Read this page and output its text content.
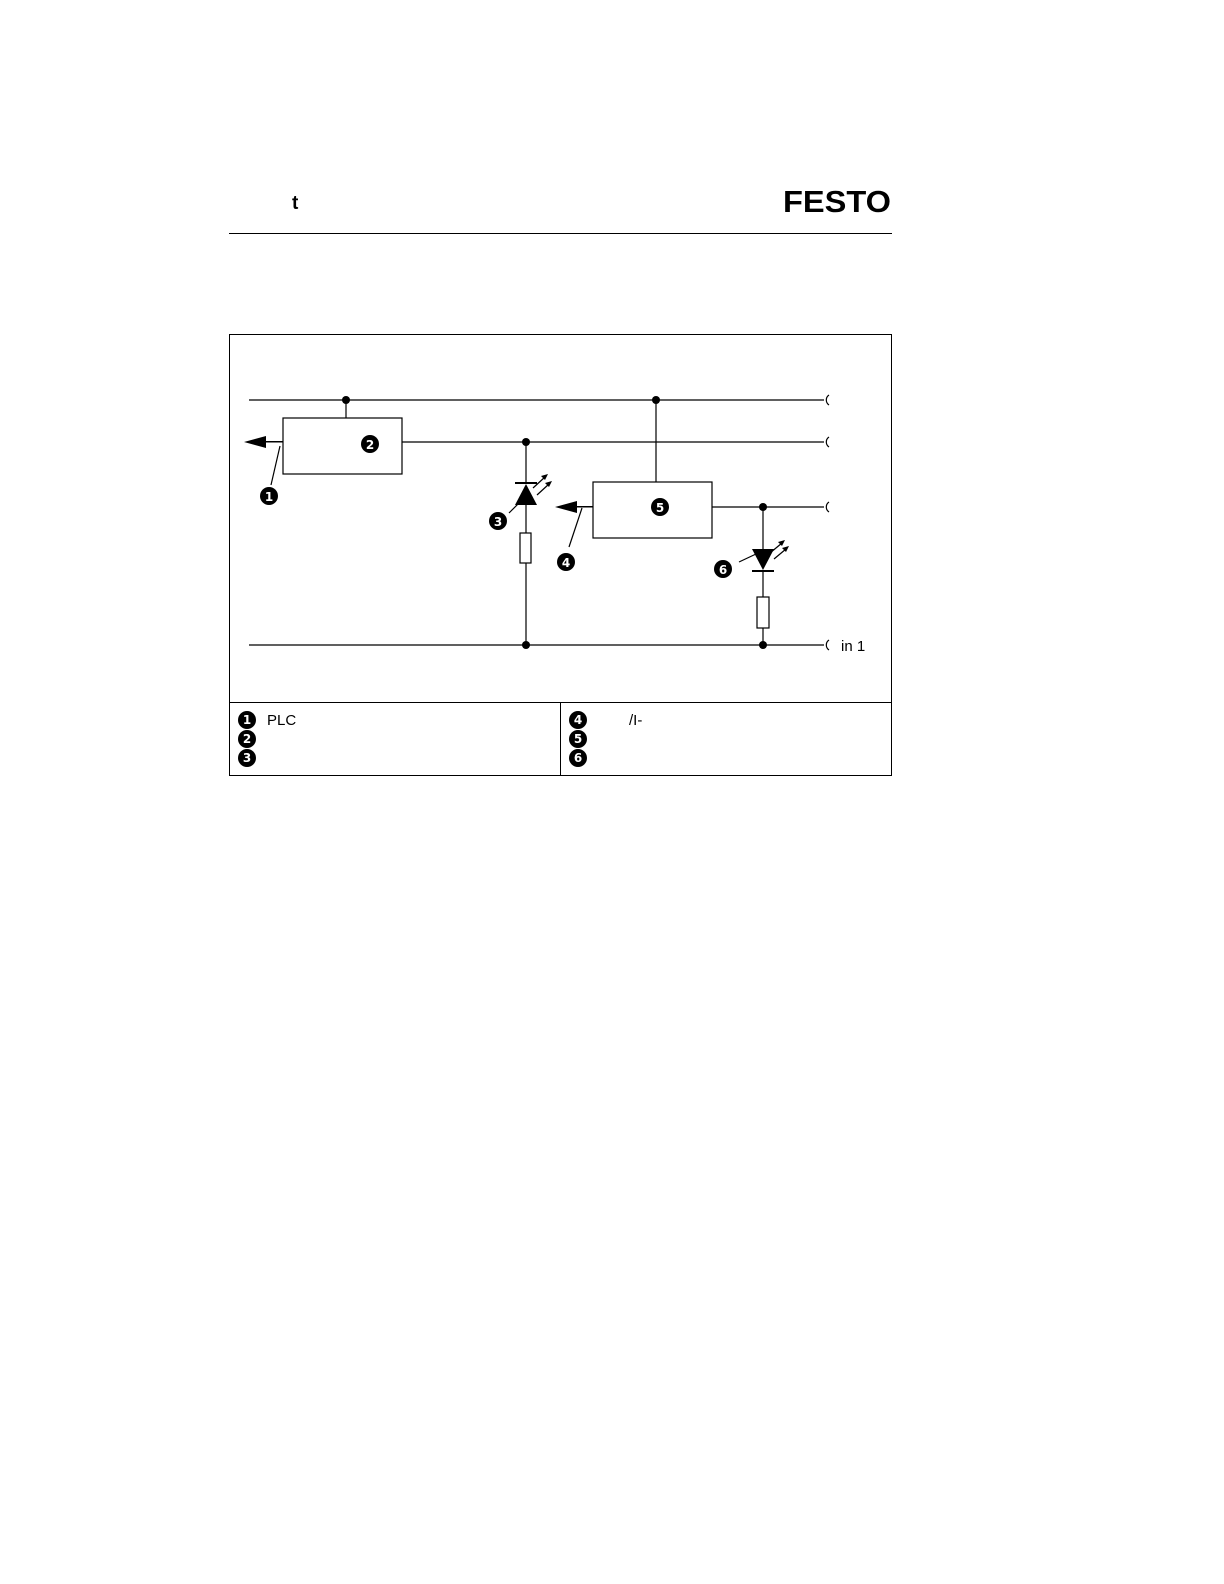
t	FESTO
1
2
3
4
5
6
in 1
1	PLC
2
3
4	/I-
5
6
